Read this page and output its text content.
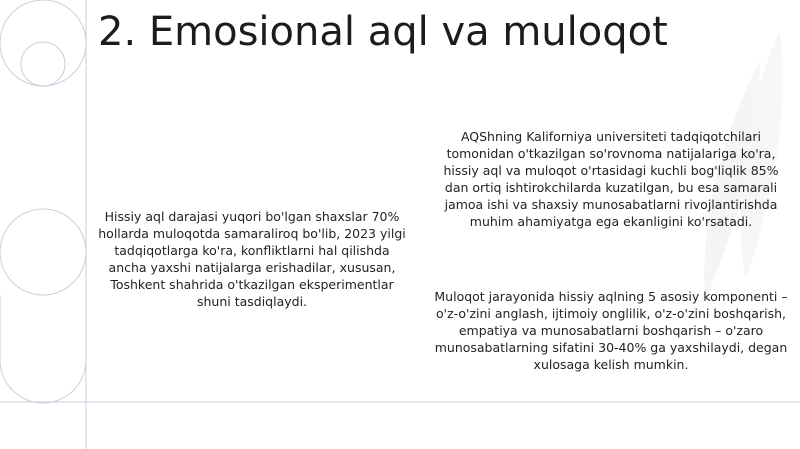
2. Emosional aql va muloqot

Hissiy aql darajasi yuqori bo'lgan shaxslar 70% hollarda muloqotda samaraliroq bo'lib, 2023 yilgi tadqiqotlarga ko'ra, konfliktlarni hal qilishda ancha yaxshi natijalarga erishadilar, xususan, Toshkent shahrida o'tkazilgan eksperimentlar shuni tasdiqlaydi.

AQShning Kaliforniya universiteti tadqiqotchilari tomonidan o'tkazilgan so'rovnoma natijalariga ko'ra, hissiy aql va muloqot o'rtasidagi kuchli bog'liqlik 85% dan ortiq ishtirokchilarda kuzatilgan, bu esa samarali jamoa ishi va shaxsiy munosabatlarni rivojlantirishda muhim ahamiyatga ega ekanligini ko'rsatadi.

Muloqot jarayonida hissiy aqlning 5 asosiy komponenti – o'z-o'zini anglash, ijtimoiy onglilik, o'z-o'zini boshqarish, empatiya va munosabatlarni boshqarish – o'zaro munosabatlarning sifatini 30-40% ga yaxshilaydi, degan xulosaga kelish mumkin.
